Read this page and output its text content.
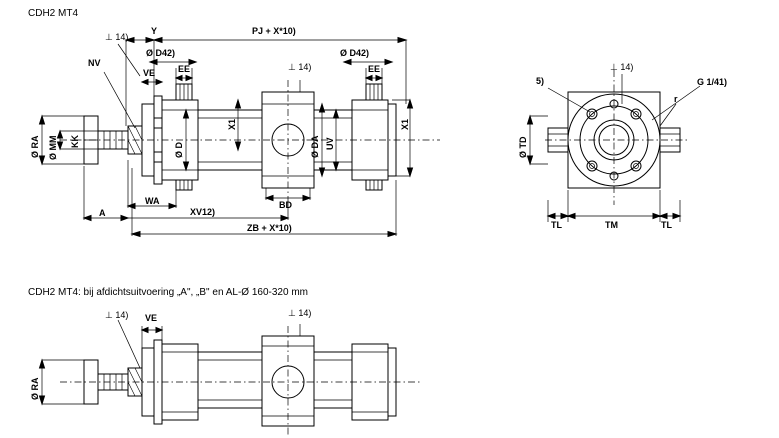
CDH2 MT4
CDH2 MT4: bij afdichtsuitvoering „A", „B" en AL-Ø 160-320 mm
PJ + X*10)
Y
Ø D42)	Ø D42)
EE	EE
VE
NV
Ø RA Ø MM KK
Ø D	Ø DA UV
X1	X1
BD
WA
A	XV12)
ZB + X*10)
⊥ 14)
⊥ 14)
5)
⊥ 14)
G 1/41)
r
Ø TD
TL	TL
TM
⊥ 14) VE	⊥ 14)
Ø RA
